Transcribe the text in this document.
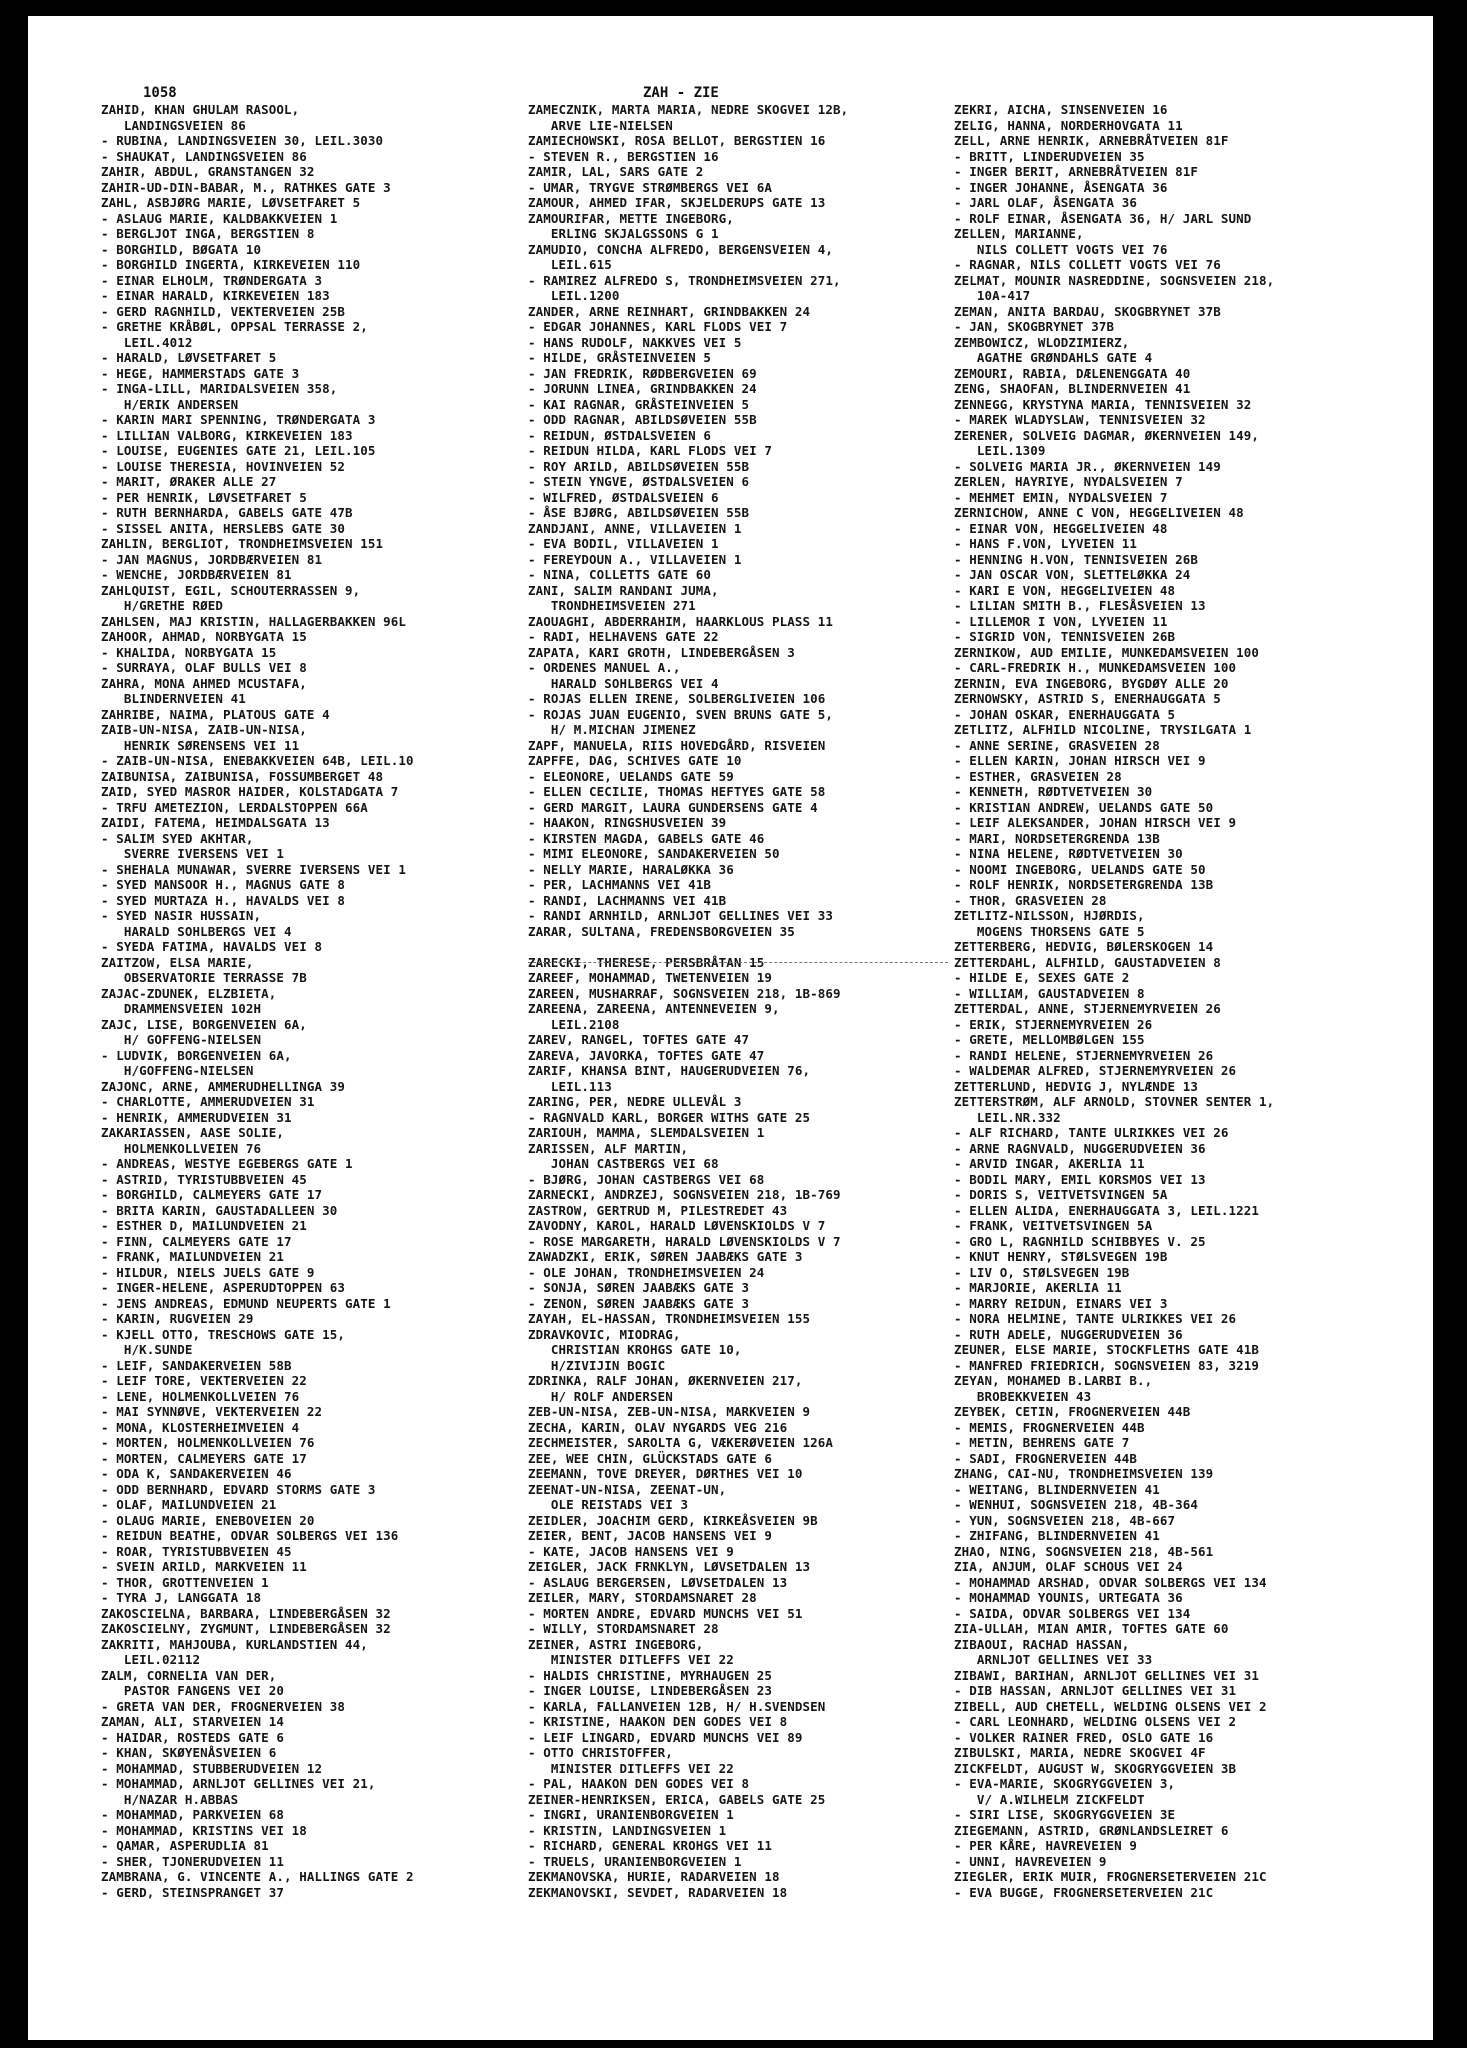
1058	ZAH - ZIE
ZAHID, KHAN GHULAM RASOOL,
LANDINGSVEIEN 86
- RUBINA, LANDINGSVEIEN 30, LEIL.3030
- SHAUKAT, LANDINGSVEIEN 86
ZAHIR, ABDUL, GRANSTANGEN 32
ZAHIR-UD-DIN-BABAR, M., RATHKES GATE 3
ZAHL, ASBJØRG MARIE, LØVSETFARET 5
- ASLAUG MARIE, KALDBAKKVEIEN 1
- BERGLJOT INGA, BERGSTIEN 8
- BORGHILD, BØGATA 10
- BORGHILD INGERTA, KIRKEVEIEN 110
- EINAR ELHOLM, TRØNDERGATA 3
- EINAR HARALD, KIRKEVEIEN 183
- GERD RAGNHILD, VEKTERVEIEN 25B
- GRETHE KRÅBØL, OPPSAL TERRASSE 2,
LEIL.4012
- HARALD, LØVSETFARET 5
- HEGE, HAMMERSTADS GATE 3
- INGA-LILL, MARIDALSVEIEN 358,
H/ERIK ANDERSEN
- KARIN MARI SPENNING, TRØNDERGATA 3
- LILLIAN VALBORG, KIRKEVEIEN 183
- LOUISE, EUGENIES GATE 21, LEIL.105
- LOUISE THERESIA, HOVINVEIEN 52
- MARIT, ØRAKER ALLE 27
- PER HENRIK, LØVSETFARET 5
- RUTH BERNHARDA, GABELS GATE 47B
- SISSEL ANITA, HERSLEBS GATE 30
ZAHLIN, BERGLIOT, TRONDHEIMSVEIEN 151
- JAN MAGNUS, JORDBÆRVEIEN 81
- WENCHE, JORDBÆRVEIEN 81
ZAHLQUIST, EGIL, SCHOUTERRASSEN 9,
H/GRETHE RØED
ZAHLSEN, MAJ KRISTIN, HALLAGERBAKKEN 96L
ZAHOOR, AHMAD, NORBYGATA 15
- KHALIDA, NORBYGATA 15
- SURRAYA, OLAF BULLS VEI 8
ZAHRA, MONA AHMED MCUSTAFA,
BLINDERNVEIEN 41
ZAHRIBE, NAIMA, PLATOUS GATE 4
ZAIB-UN-NISA, ZAIB-UN-NISA,
HENRIK SØRENSENS VEI 11
- ZAIB-UN-NISA, ENEBAKKVEIEN 64B, LEIL.10
ZAIBUNISA, ZAIBUNISA, FOSSUMBERGET 48
ZAID, SYED MASROR HAIDER, KOLSTADGATA 7
- TRFU AMETEZION, LERDALSTOPPEN 66A
ZAIDI, FATEMA, HEIMDALSGATA 13
- SALIM SYED AKHTAR,
SVERRE IVERSENS VEI 1
- SHEHALA MUNAWAR, SVERRE IVERSENS VEI 1
- SYED MANSOOR H., MAGNUS GATE 8
- SYED MURTAZA H., HAVALDS VEI 8
- SYED NASIR HUSSAIN,
HARALD SOHLBERGS VEI 4
- SYEDA FATIMA, HAVALDS VEI 8
ZAITZOW, ELSA MARIE,
OBSERVATORIE TERRASSE 7B
ZAJAC-ZDUNEK, ELZBIETA,
DRAMMENSVEIEN 102H
ZAJC, LISE, BORGENVEIEN 6A,
H/ GOFFENG-NIELSEN
- LUDVIK, BORGENVEIEN 6A,
H/GOFFENG-NIELSEN
ZAJONC, ARNE, AMMERUDHELLINGA 39
- CHARLOTTE, AMMERUDVEIEN 31
- HENRIK, AMMERUDVEIEN 31
ZAKARIASSEN, AASE SOLIE,
HOLMENKOLLVEIEN 76
- ANDREAS, WESTYE EGEBERGS GATE 1
- ASTRID, TYRISTUBBVEIEN 45
- BORGHILD, CALMEYERS GATE 17
- BRITA KARIN, GAUSTADALLEEN 30
- ESTHER D, MAILUNDVEIEN 21
- FINN, CALMEYERS GATE 17
- FRANK, MAILUNDVEIEN 21
- HILDUR, NIELS JUELS GATE 9
- INGER-HELENE, ASPERUDTOPPEN 63
- JENS ANDREAS, EDMUND NEUPERTS GATE 1
- KARIN, RUGVEIEN 29
- KJELL OTTO, TRESCHOWS GATE 15,
H/K.SUNDE
- LEIF, SANDAKERVEIEN 58B
- LEIF TORE, VEKTERVEIEN 22
- LENE, HOLMENKOLLVEIEN 76
- MAI SYNNØVE, VEKTERVEIEN 22
- MONA, KLOSTERHEIMVEIEN 4
- MORTEN, HOLMENKOLLVEIEN 76
- MORTEN, CALMEYERS GATE 17
- ODA K, SANDAKERVEIEN 46
- ODD BERNHARD, EDVARD STORMS GATE 3
- OLAF, MAILUNDVEIEN 21
- OLAUG MARIE, ENEBOVEIEN 20
- REIDUN BEATHE, ODVAR SOLBERGS VEI 136
- ROAR, TYRISTUBBVEIEN 45
- SVEIN ARILD, MARKVEIEN 11
- THOR, GROTTENVEIEN 1
- TYRA J, LANGGATA 18
ZAKOSCIELNA, BARBARA, LINDEBERGÅSEN 32
ZAKOSCIELNY, ZYGMUNT, LINDEBERGÅSEN 32
ZAKRITI, MAHJOUBA, KURLANDSTIEN 44,
LEIL.02112
ZALM, CORNELIA VAN DER,
PASTOR FANGENS VEI 20
- GRETA VAN DER, FROGNERVEIEN 38
ZAMAN, ALI, STARVEIEN 14
- HAIDAR, ROSTEDS GATE 6
- KHAN, SKØYENÅSVEIEN 6
- MOHAMMAD, STUBBERUDVEIEN 12
- MOHAMMAD, ARNLJOT GELLINES VEI 21,
H/NAZAR H.ABBAS
- MOHAMMAD, PARKVEIEN 68
- MOHAMMAD, KRISTINS VEI 18
- QAMAR, ASPERUDLIA 81
- SHER, TJONERUDVEIEN 11
ZAMBRANA, G. VINCENTE A., HALLINGS GATE 2
- GERD, STEINSPRANGET 37
ZAMECZNIK, MARTA MARIA, NEDRE SKOGVEI 12B,
ARVE LIE-NIELSEN
ZAMIECHOWSKI, ROSA BELLOT, BERGSTIEN 16
- STEVEN R., BERGSTIEN 16
ZAMIR, LAL, SARS GATE 2
- UMAR, TRYGVE STRØMBERGS VEI 6A
ZAMOUR, AHMED IFAR, SKJELDERUPS GATE 13
ZAMOURIFAR, METTE INGEBORG,
ERLING SKJALGSSONS G 1
ZAMUDIO, CONCHA ALFREDO, BERGENSVEIEN 4,
LEIL.615
- RAMIREZ ALFREDO S, TRONDHEIMSVEIEN 271,
LEIL.1200
ZANDER, ARNE REINHART, GRINDBAKKEN 24
- EDGAR JOHANNES, KARL FLODS VEI 7
- HANS RUDOLF, NAKKVES VEI 5
- HILDE, GRÅSTEINVEIEN 5
- JAN FREDRIK, RØDBERGVEIEN 69
- JORUNN LINEA, GRINDBAKKEN 24
- KAI RAGNAR, GRÅSTEINVEIEN 5
- ODD RAGNAR, ABILDSØVEIEN 55B
- REIDUN, ØSTDALSVEIEN 6
- REIDUN HILDA, KARL FLODS VEI 7
- ROY ARILD, ABILDSØVEIEN 55B
- STEIN YNGVE, ØSTDALSVEIEN 6
- WILFRED, ØSTDALSVEIEN 6
- ÅSE BJØRG, ABILDSØVEIEN 55B
ZANDJANI, ANNE, VILLAVEIEN 1
- EVA BODIL, VILLAVEIEN 1
- FEREYDOUN A., VILLAVEIEN 1
- NINA, COLLETTS GATE 60
ZANI, SALIM RANDANI JUMA,
TRONDHEIMSVEIEN 271
ZAOUAGHI, ABDERRAHIM, HAARKLOUS PLASS 11
- RADI, HELHAVENS GATE 22
ZAPATA, KARI GROTH, LINDEBERGÅSEN 3
- ORDENES MANUEL A.,
HARALD SOHLBERGS VEI 4
- ROJAS ELLEN IRENE, SOLBERGLIVEIEN 106
- ROJAS JUAN EUGENIO, SVEN BRUNS GATE 5,
H/ M.MICHAN JIMENEZ
ZAPF, MANUELA, RIIS HOVEDGÅRD, RISVEIEN
ZAPFFE, DAG, SCHIVES GATE 10
- ELEONORE, UELANDS GATE 59
- ELLEN CECILIE, THOMAS HEFTYES GATE 58
- GERD MARGIT, LAURA GUNDERSENS GATE 4
- HAAKON, RINGSHUSVEIEN 39
- KIRSTEN MAGDA, GABELS GATE 46
- MIMI ELEONORE, SANDAKERVEIEN 50
- NELLY MARIE, HARALØKKA 36
- PER, LACHMANNS VEI 41B
- RANDI, LACHMANNS VEI 41B
- RANDI ARNHILD, ARNLJOT GELLINES VEI 33
ZARAR, SULTANA, FREDENSBORGVEIEN 35
ZARECKI, THERESE, PERSBRÅTAN 15
ZAREEF, MOHAMMAD, TWETENVEIEN 19
ZAREEN, MUSHARRAF, SOGNSVEIEN 218, 1B-869
ZAREENA, ZAREENA, ANTENNEVEIEN 9,
LEIL.2108
ZAREV, RANGEL, TOFTES GATE 47
ZAREVA, JAVORKA, TOFTES GATE 47
ZARIF, KHANSA BINT, HAUGERUDVEIEN 76,
LEIL.113
ZARING, PER, NEDRE ULLEVÅL 3
- RAGNVALD KARL, BORGER WITHS GATE 25
ZARIOUH, MAMMA, SLEMDALSVEIEN 1
ZARISSEN, ALF MARTIN,
JOHAN CASTBERGS VEI 68
- BJØRG, JOHAN CASTBERGS VEI 68
ZARNECKI, ANDRZEJ, SOGNSVEIEN 218, 1B-769
ZASTROW, GERTRUD M, PILESTREDET 43
ZAVODNY, KAROL, HARALD LØVENSKIOLDS V 7
- ROSE MARGARETH, HARALD LØVENSKIOLDS V 7
ZAWADZKI, ERIK, SØREN JAABÆKS GATE 3
- OLE JOHAN, TRONDHEIMSVEIEN 24
- SONJA, SØREN JAABÆKS GATE 3
- ZENON, SØREN JAABÆKS GATE 3
ZAYAH, EL-HASSAN, TRONDHEIMSVEIEN 155
ZDRAVKOVIC, MIODRAG,
CHRISTIAN KROHGS GATE 10,
H/ZIVIJIN BOGIC
ZDRINKA, RALF JOHAN, ØKERNVEIEN 217,
H/ ROLF ANDERSEN
ZEB-UN-NISA, ZEB-UN-NISA, MARKVEIEN 9
ZECHA, KARIN, OLAV NYGARDS VEG 216
ZECHMEISTER, SAROLTA G, VÆKERØVEIEN 126A
ZEE, WEE CHIN, GLÜCKSTADS GATE 6
ZEEMANN, TOVE DREYER, DØRTHES VEI 10
ZEENAT-UN-NISA, ZEENAT-UN,
OLE REISTADS VEI 3
ZEIDLER, JOACHIM GERD, KIRKEÅSVEIEN 9B
ZEIER, BENT, JACOB HANSENS VEI 9
- KATE, JACOB HANSENS VEI 9
ZEIGLER, JACK FRNKLYN, LØVSETDALEN 13
- ASLAUG BERGERSEN, LØVSETDALEN 13
ZEILER, MARY, STORDAMSNARET 28
- MORTEN ANDRE, EDVARD MUNCHS VEI 51
- WILLY, STORDAMSNARET 28
ZEINER, ASTRI INGEBORG,
MINISTER DITLEFFS VEI 22
- HALDIS CHRISTINE, MYRHAUGEN 25
- INGER LOUISE, LINDEBERGÅSEN 23
- KARLA, FALLANVEIEN 12B, H/ H.SVENDSEN
- KRISTINE, HAAKON DEN GODES VEI 8
- LEIF LINGARD, EDVARD MUNCHS VEI 89
- OTTO CHRISTOFFER,
MINISTER DITLEFFS VEI 22
- PAL, HAAKON DEN GODES VEI 8
ZEINER-HENRIKSEN, ERICA, GABELS GATE 25
- INGRI, URANIENBORGVEIEN 1
- KRISTIN, LANDINGSVEIEN 1
- RICHARD, GENERAL KROHGS VEI 11
- TRUELS, URANIENBORGVEIEN 1
ZEKMANOVSKA, HURIE, RADARVEIEN 18
ZEKMANOVSKI, SEVDET, RADARVEIEN 18
ZEKRI, AICHA, SINSENVEIEN 16
ZELIG, HANNA, NORDERHOVGATA 11
ZELL, ARNE HENRIK, ARNEBRÅTVEIEN 81F
- BRITT, LINDERUDVEIEN 35
- INGER BERIT, ARNEBRÅTVEIEN 81F
- INGER JOHANNE, ÅSENGATA 36
- JARL OLAF, ÅSENGATA 36
- ROLF EINAR, ÅSENGATA 36, H/ JARL SUND
ZELLEN, MARIANNE,
NILS COLLETT VOGTS VEI 76
- RAGNAR, NILS COLLETT VOGTS VEI 76
ZELMAT, MOUNIR NASREDDINE, SOGNSVEIEN 218,
10A-417
ZEMAN, ANITA BARDAU, SKOGBRYNET 37B
- JAN, SKOGBRYNET 37B
ZEMBOWICZ, WLODZIMIERZ,
AGATHE GRØNDAHLS GATE 4
ZEMOURI, RABIA, DÆLENENGGATA 40
ZENG, SHAOFAN, BLINDERNVEIEN 41
ZENNEGG, KRYSTYNA MARIA, TENNISVEIEN 32
- MAREK WLADYSLAW, TENNISVEIEN 32
ZERENER, SOLVEIG DAGMAR, ØKERNVEIEN 149,
LEIL.1309
- SOLVEIG MARIA JR., ØKERNVEIEN 149
ZERLEN, HAYRIYE, NYDALSVEIEN 7
- MEHMET EMIN, NYDALSVEIEN 7
ZERNICHOW, ANNE C VON, HEGGELIVEIEN 48
- EINAR VON, HEGGELIVEIEN 48
- HANS F.VON, LYVEIEN 11
- HENNING H.VON, TENNISVEIEN 26B
- JAN OSCAR VON, SLETTELØKKA 24
- KARI E VON, HEGGELIVEIEN 48
- LILIAN SMITH B., FLESÅSVEIEN 13
- LILLEMOR I VON, LYVEIEN 11
- SIGRID VON, TENNISVEIEN 26B
ZERNIKOW, AUD EMILIE, MUNKEDAMSVEIEN 100
- CARL-FREDRIK H., MUNKEDAMSVEIEN 100
ZERNIN, EVA INGEBORG, BYGDØY ALLE 20
ZERNOWSKY, ASTRID S, ENERHAUGGATA 5
- JOHAN OSKAR, ENERHAUGGATA 5
ZETLITZ, ALFHILD NICOLINE, TRYSILGATA 1
- ANNE SERINE, GRASVEIEN 28
- ELLEN KARIN, JOHAN HIRSCH VEI 9
- ESTHER, GRASVEIEN 28
- KENNETH, RØDTVETVEIEN 30
- KRISTIAN ANDREW, UELANDS GATE 50
- LEIF ALEKSANDER, JOHAN HIRSCH VEI 9
- MARI, NORDSETERGRENDA 13B
- NINA HELENE, RØDTVETVEIEN 30
- NOOMI INGEBORG, UELANDS GATE 50
- ROLF HENRIK, NORDSETERGRENDA 13B
- THOR, GRASVEIEN 28
ZETLITZ-NILSSON, HJØRDIS,
MOGENS THORSENS GATE 5
ZETTERBERG, HEDVIG, BØLERSKOGEN 14
ZETTERDAHL, ALFHILD, GAUSTADVEIEN 8
- HILDE E, SEXES GATE 2
- WILLIAM, GAUSTADVEIEN 8
ZETTERDAL, ANNE, STJERNEMYRVEIEN 26
- ERIK, STJERNEMYRVEIEN 26
- GRETE, MELLOMBØLGEN 155
- RANDI HELENE, STJERNEMYRVEIEN 26
- WALDEMAR ALFRED, STJERNEMYRVEIEN 26
ZETTERLUND, HEDVIG J, NYLÆNDE 13
ZETTERSTRØM, ALF ARNOLD, STOVNER SENTER 1,
LEIL.NR.332
- ALF RICHARD, TANTE ULRIKKES VEI 26
- ARNE RAGNVALD, NUGGERUDVEIEN 36
- ARVID INGAR, AKERLIA 11
- BODIL MARY, EMIL KORSMOS VEI 13
- DORIS S, VEITVETSVINGEN 5A
- ELLEN ALIDA, ENERHAUGGATA 3, LEIL.1221
- FRANK, VEITVETSVINGEN 5A
- GRO L, RAGNHILD SCHIBBYES V. 25
- KNUT HENRY, STØLSVEGEN 19B
- LIV O, STØLSVEGEN 19B
- MARJORIE, AKERLIA 11
- MARRY REIDUN, EINARS VEI 3
- NORA HELMINE, TANTE ULRIKKES VEI 26
- RUTH ADELE, NUGGERUDVEIEN 36
ZEUNER, ELSE MARIE, STOCKFLETHS GATE 41B
- MANFRED FRIEDRICH, SOGNSVEIEN 83, 3219
ZEYAN, MOHAMED B.LARBI B.,
BROBEKKVEIEN 43
ZEYBEK, CETIN, FROGNERVEIEN 44B
- MEMIS, FROGNERVEIEN 44B
- METIN, BEHRENS GATE 7
- SADI, FROGNERVEIEN 44B
ZHANG, CAI-NU, TRONDHEIMSVEIEN 139
- WEITANG, BLINDERNVEIEN 41
- WENHUI, SOGNSVEIEN 218, 4B-364
- YUN, SOGNSVEIEN 218, 4B-667
- ZHIFANG, BLINDERNVEIEN 41
ZHAO, NING, SOGNSVEIEN 218, 4B-561
ZIA, ANJUM, OLAF SCHOUS VEI 24
- MOHAMMAD ARSHAD, ODVAR SOLBERGS VEI 134
- MOHAMMAD YOUNIS, URTEGATA 36
- SAIDA, ODVAR SOLBERGS VEI 134
ZIA-ULLAH, MIAN AMIR, TOFTES GATE 60
ZIBAOUI, RACHAD HASSAN,
ARNLJOT GELLINES VEI 33
ZIBAWI, BARIHAN, ARNLJOT GELLINES VEI 31
- DIB HASSAN, ARNLJOT GELLINES VEI 31
ZIBELL, AUD CHETELL, WELDING OLSENS VEI 2
- CARL LEONHARD, WELDING OLSENS VEI 2
- VOLKER RAINER FRED, OSLO GATE 16
ZIBULSKI, MARIA, NEDRE SKOGVEI 4F
ZICKFELDT, AUGUST W, SKOGRYGGVEIEN 3B
- EVA-MARIE, SKOGRYGGVEIEN 3,
V/ A.WILHELM ZICKFELDT
- SIRI LISE, SKOGRYGGVEIEN 3E
ZIEGEMANN, ASTRID, GRØNLANDSLEIRET 6
- PER KÅRE, HAVREVEIEN 9
- UNNI, HAVREVEIEN 9
ZIEGLER, ERIK MUIR, FROGNERSETERVEIEN 21C
- EVA BUGGE, FROGNERSETERVEIEN 21C
